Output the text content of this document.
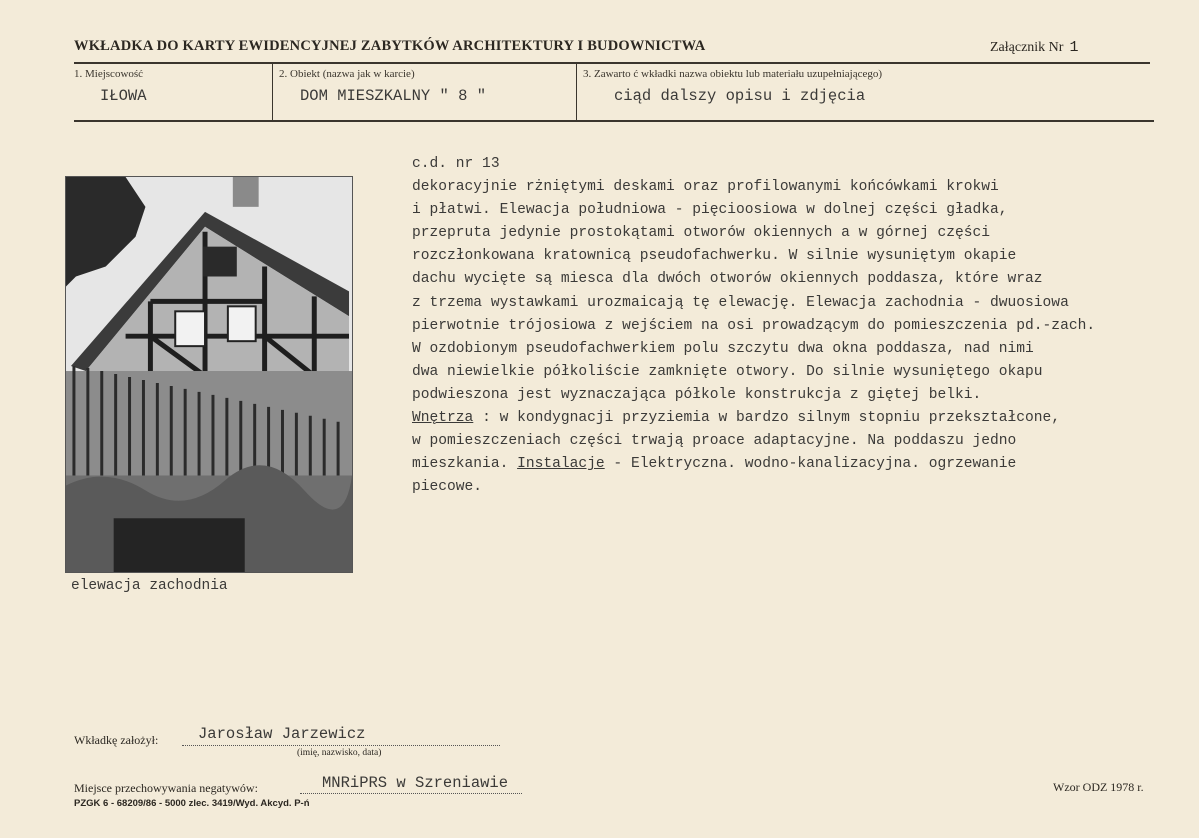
WKŁADKA DO KARTY EWIDENCYJNEJ ZABYTKÓW ARCHITEKTURY I BUDOWNICTWA	Załącznik Nr 1
1. Miejscowość
IŁOWA
2. Obiekt (nazwa jak w karcie)
DOM MIESZKALNY " 8 "
3. Zawarto ć wkładki nazwa obiektu lub materiału uzupełniającego)
ciąd dalszy opisu i zdjęcia
elewacja zachodnia
c.d. nr 13
dekoracyjnie rżniętymi deskami oraz profilowanymi końcówkami krokwi
i płatwi. Elewacja południowa - pięcioosiowa w dolnej części gładka,
przepruta jedynie prostokątami otworów okiennych a w górnej części
rozczłonkowana kratownicą pseudofachwerku. W silnie wysuniętym okapie
dachu wycięte są miesca dla dwóch otworów okiennych poddasza, które wraz
z trzema wystawkami urozmaicają tę elewację. Elewacja zachodnia - dwuosiowa
pierwotnie trójosiowa z wejściem na osi prowadzącym do pomieszczenia pd.-zach.
W ozdobionym pseudofachwerkiem polu szczytu dwa okna poddasza, nad nimi
dwa niewielkie półkoliście zamknięte otwory. Do silnie wysuniętego okapu
podwieszona jest wyznaczająca półkole konstrukcja z giętej belki.
Wnętrza : w kondygnacji przyziemia w bardzo silnym stopniu przekształcone,
w pomieszczeniach części trwają proace adaptacyjne. Na poddaszu jedno
mieszkania. Instalacje - Elektryczna. wodno-kanalizacyjna. ogrzewanie
piecowe.
Wkładkę założył:	Jarosław Jarzewicz
(imię, nazwisko, data)
Miejsce przechowywania negatywów:	MNRiPRS w Szreniawie
PZGK 6 - 68209/86 - 5000 zlec. 3419/Wyd. Akcyd. P-ń
Wzor ODZ 1978 r.
